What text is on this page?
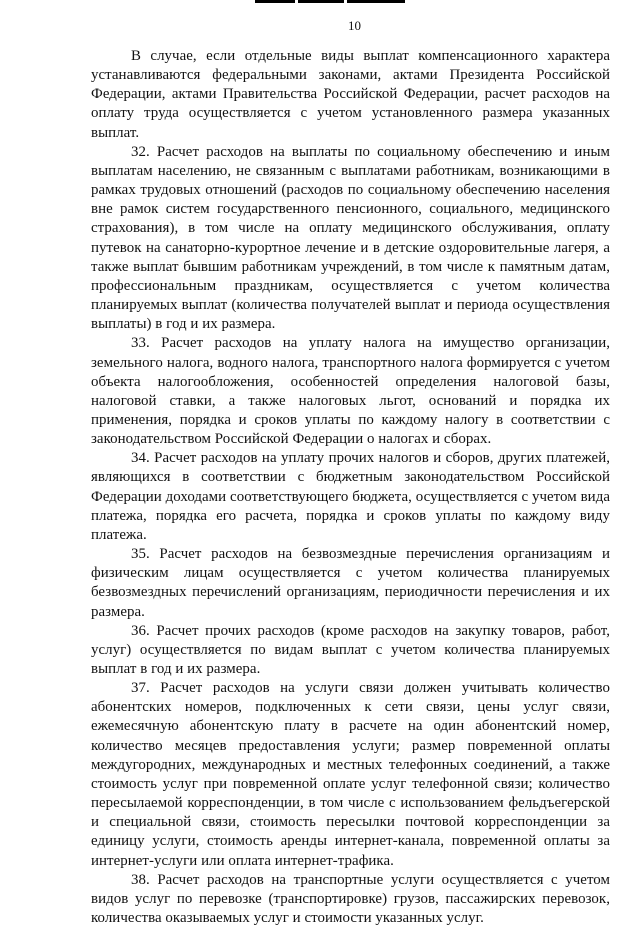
10

В случае, если отдельные виды выплат компенсационного характера устанавливаются федеральными законами, актами Президента Российской Федерации, актами Правительства Российской Федерации, расчет расходов на оплату труда осуществляется с учетом установленного размера указанных выплат.

32. Расчет расходов на выплаты по социальному обеспечению и иным выплатам населению, не связанным с выплатами работникам, возникающими в рамках трудовых отношений (расходов по социальному обеспечению населения вне рамок систем государственного пенсионного, социального, медицинского страхования), в том числе на оплату медицинского обслуживания, оплату путевок на санаторно-курортное лечение и в детские оздоровительные лагеря, а также выплат бывшим работникам учреждений, в том числе к памятным датам, профессиональным праздникам, осуществляется с учетом количества планируемых выплат (количества получателей выплат и периода осуществления выплаты) в год и их размера.

33. Расчет расходов на уплату налога на имущество организации, земельного налога, водного налога, транспортного налога формируется с учетом объекта налогообложения, особенностей определения налоговой базы, налоговой ставки, а также налоговых льгот, оснований и порядка их применения, порядка и сроков уплаты по каждому налогу в соответствии с законодательством Российской Федерации о налогах и сборах.

34. Расчет расходов на уплату прочих налогов и сборов, других платежей, являющихся в соответствии с бюджетным законодательством Российской Федерации доходами соответствующего бюджета, осуществляется с учетом вида платежа, порядка его расчета, порядка и сроков уплаты по каждому виду платежа.

35. Расчет расходов на безвозмездные перечисления организациям и физическим лицам осуществляется с учетом количества планируемых безвозмездных перечислений организациям, периодичности перечисления и их размера.

36. Расчет прочих расходов (кроме расходов на закупку товаров, работ, услуг) осуществляется по видам выплат с учетом количества планируемых выплат в год и их размера.

37. Расчет расходов на услуги связи должен учитывать количество абонентских номеров, подключенных к сети связи, цены услуг связи, ежемесячную абонентскую плату в расчете на один абонентский номер, количество месяцев предоставления услуги; размер повременной оплаты междугородних, международных и местных телефонных соединений, а также стоимость услуг при повременной оплате услуг телефонной связи; количество пересылаемой корреспонденции, в том числе с использованием фельдъегерской и специальной связи, стоимость пересылки почтовой корреспонденции за единицу услуги, стоимость аренды интернет-канала, повременной оплаты за интернет-услуги или оплата интернет-трафика.

38. Расчет расходов на транспортные услуги осуществляется с учетом видов услуг по перевозке (транспортировке) грузов, пассажирских перевозок, количества оказываемых услуг и стоимости указанных услуг.
